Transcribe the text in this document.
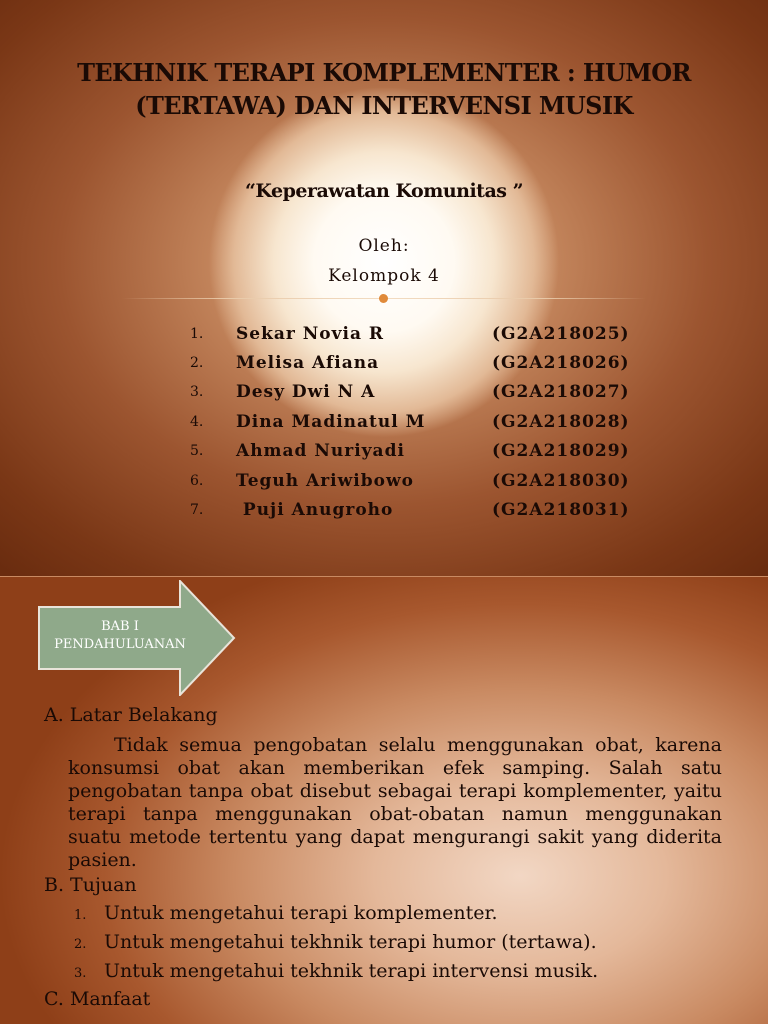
TEKHNIK TERAPI KOMPLEMENTER : HUMOR (TERTAWA) DAN INTERVENSI MUSIK
“Keperawatan Komunitas ”
Oleh:
Kelompok 4
1. Sekar Novia R	(G2A218025)
2. Melisa Afiana	(G2A218026)
3. Desy Dwi N A	(G2A218027)
4. Dina Madinatul M	(G2A218028)
5. Ahmad Nuriyadi	(G2A218029)
6. Teguh Ariwibowo	(G2A218030)
7. Puji Anugroho	(G2A218031)
BAB I
PENDAHULUANAN
A. Latar Belakang
Tidak semua pengobatan selalu menggunakan obat, karena konsumsi obat akan memberikan efek samping. Salah satu pengobatan tanpa obat disebut sebagai terapi komplementer, yaitu terapi tanpa menggunakan obat-obatan namun menggunakan suatu metode tertentu yang dapat mengurangi sakit yang diderita pasien.
B. Tujuan
1. Untuk mengetahui terapi komplementer.
2. Untuk mengetahui tekhnik terapi humor (tertawa).
3. Untuk mengetahui tekhnik terapi intervensi musik.
C. Manfaat
